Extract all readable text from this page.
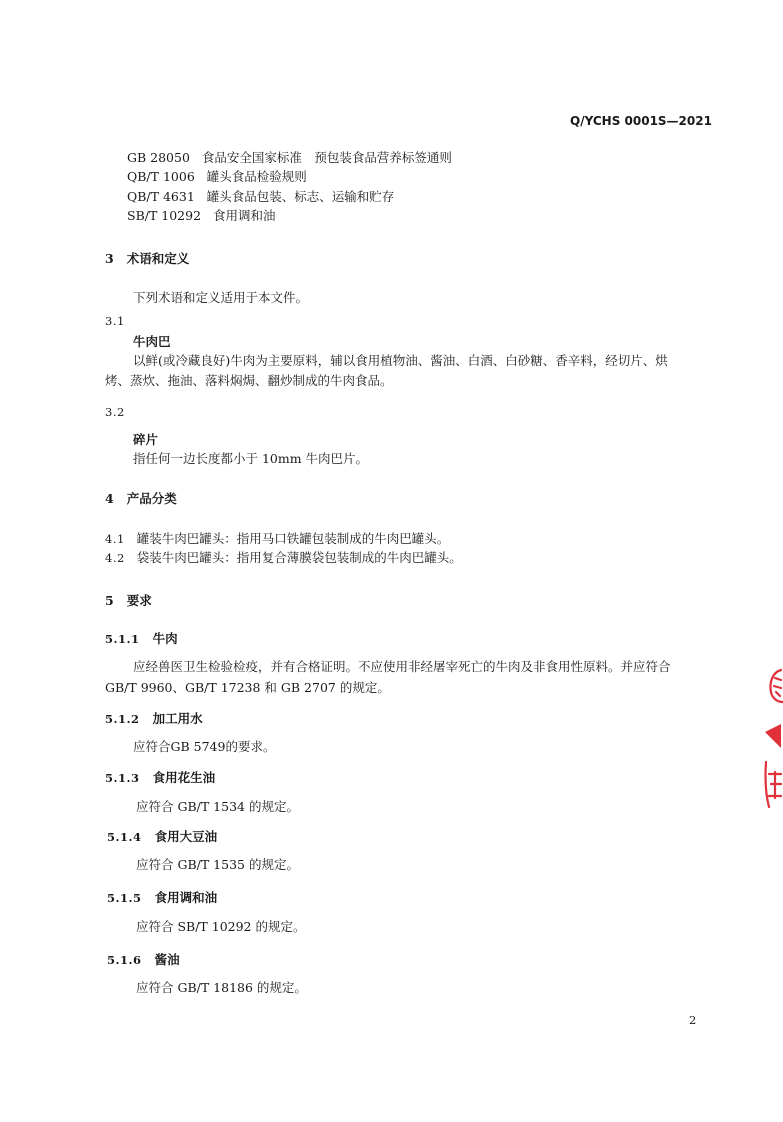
Q/YCHS 0001S—2021
GB 28050 食品安全国家标准　预包装食品营养标签通则
QB/T 1006 罐头食品检验规则
QB/T 4631 罐头食品包装、标志、运输和贮存
SB/T 10292 食用调和油
3 术语和定义
下列术语和定义适用于本文件。
3.1
牛肉巴
以鲜(或冷藏良好)牛肉为主要原料，辅以食用植物油、酱油、白酒、白砂糖、香辛料，经切片、烘
烤、蒸炊、拖油、落料焖焗、翻炒制成的牛肉食品。
3.2
碎片
指任何一边长度都小于 10mm 牛肉巴片。
4 产品分类
4.1 罐装牛肉巴罐头：指用马口铁罐包装制成的牛肉巴罐头。
4.2 袋装牛肉巴罐头：指用复合薄膜袋包装制成的牛肉巴罐头。
5 要求
5.1.1 牛肉
应经兽医卫生检验检疫，并有合格证明。不应使用非经屠宰死亡的牛肉及非食用性原料。并应符合
GB/T 9960、GB/T 17238 和 GB 2707 的规定。
5.1.2 加工用水
应符合GB 5749的要求。
5.1.3 食用花生油
应符合 GB/T 1534 的规定。
5.1.4 食用大豆油
应符合 GB/T 1535 的规定。
5.1.5 食用调和油
应符合 SB/T 10292 的规定。
5.1.6 酱油
应符合 GB/T 18186 的规定。
2
